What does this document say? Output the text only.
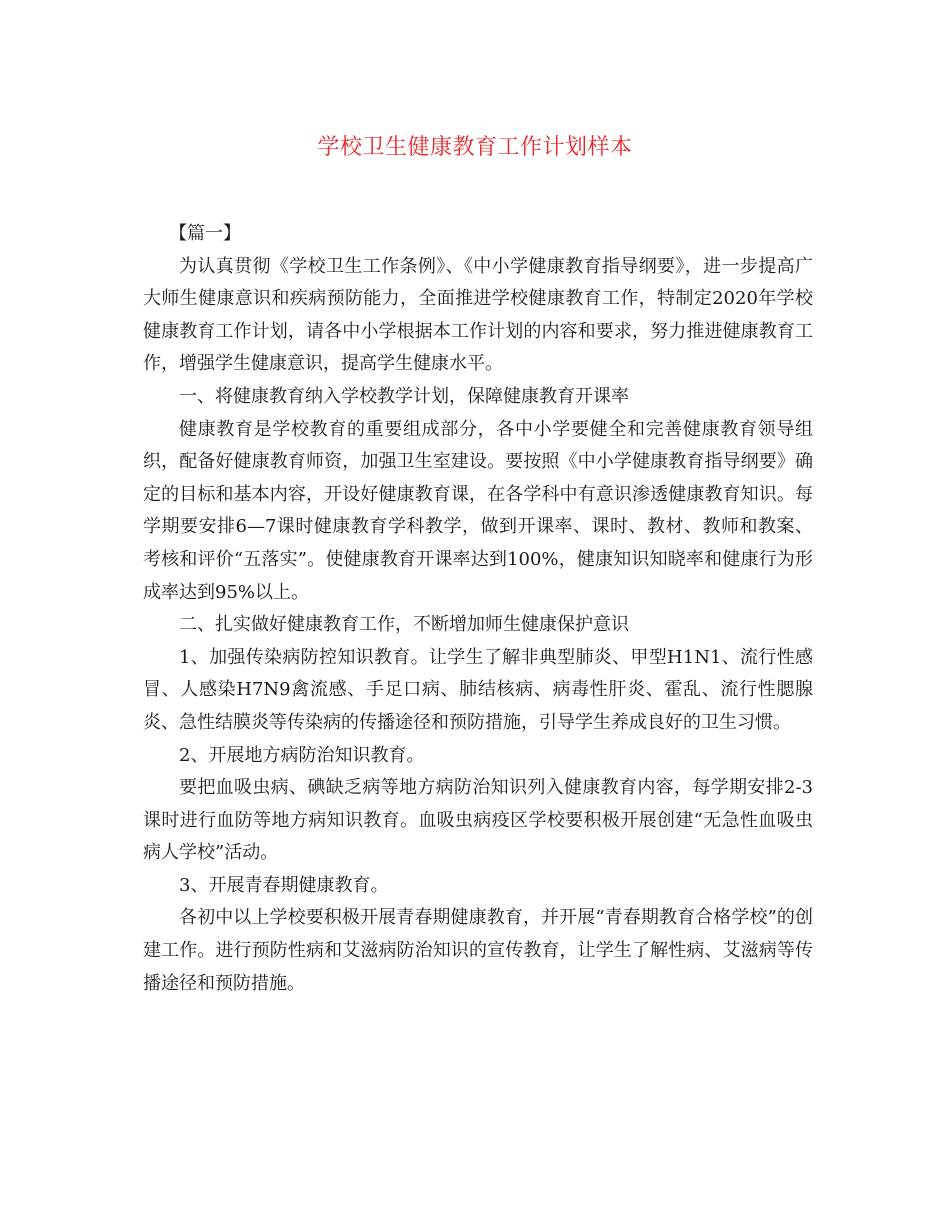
学校卫生健康教育工作计划样本

【篇一】

为认真贯彻《学校卫生工作条例》、《中小学健康教育指导纲要》，进一步提高广大师生健康意识和疾病预防能力，全面推进学校健康教育工作，特制定2020年学校健康教育工作计划，请各中小学根据本工作计划的内容和要求，努力推进健康教育工作，增强学生健康意识，提高学生健康水平。

一、将健康教育纳入学校教学计划，保障健康教育开课率

健康教育是学校教育的重要组成部分，各中小学要健全和完善健康教育领导组织，配备好健康教育师资，加强卫生室建设。要按照《中小学健康教育指导纲要》确定的目标和基本内容，开设好健康教育课，在各学科中有意识渗透健康教育知识。每学期要安排6—7课时健康教育学科教学，做到开课率、课时、教材、教师和教案、考核和评价“五落实”。使健康教育开课率达到100%，健康知识知晓率和健康行为形成率达到95%以上。

二、扎实做好健康教育工作，不断增加师生健康保护意识

1、加强传染病防控知识教育。让学生了解非典型肺炎、甲型H1N1、流行性感冒、人感染H7N9禽流感、手足口病、肺结核病、病毒性肝炎、霍乱、流行性腮腺炎、急性结膜炎等传染病的传播途径和预防措施，引导学生养成良好的卫生习惯。

2、开展地方病防治知识教育。

要把血吸虫病、碘缺乏病等地方病防治知识列入健康教育内容，每学期安排2-3课时进行血防等地方病知识教育。血吸虫病疫区学校要积极开展创建“无急性血吸虫病人学校”活动。

3、开展青春期健康教育。

各初中以上学校要积极开展青春期健康教育，并开展“青春期教育合格学校”的创建工作。进行预防性病和艾滋病防治知识的宣传教育，让学生了解性病、艾滋病等传播途径和预防措施。
